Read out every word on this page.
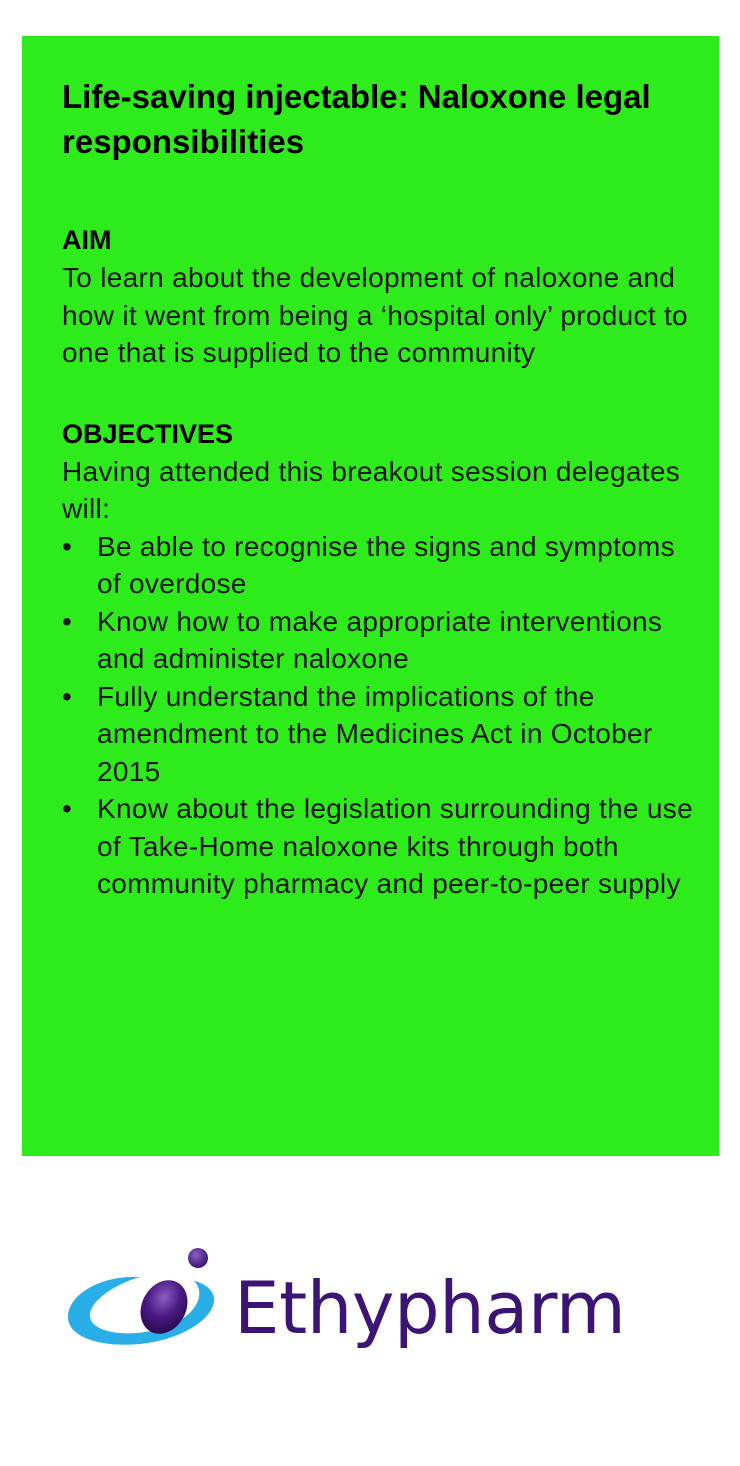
Life-saving injectable: Naloxone legal responsibilities
AIM

To learn about the development of naloxone and how it went from being a ‘hospital only’ product to one that is supplied to the community

OBJECTIVES

Having attended this breakout session delegates will:

• Be able to recognise the signs and symptoms of overdose
• Know how to make appropriate interventions and administer naloxone
• Fully understand the implications of the amendment to the Medicines Act in October 2015
• Know about the legislation surrounding the use of Take-Home naloxone kits through both community pharmacy and peer-to-peer supply
Ethypharm
